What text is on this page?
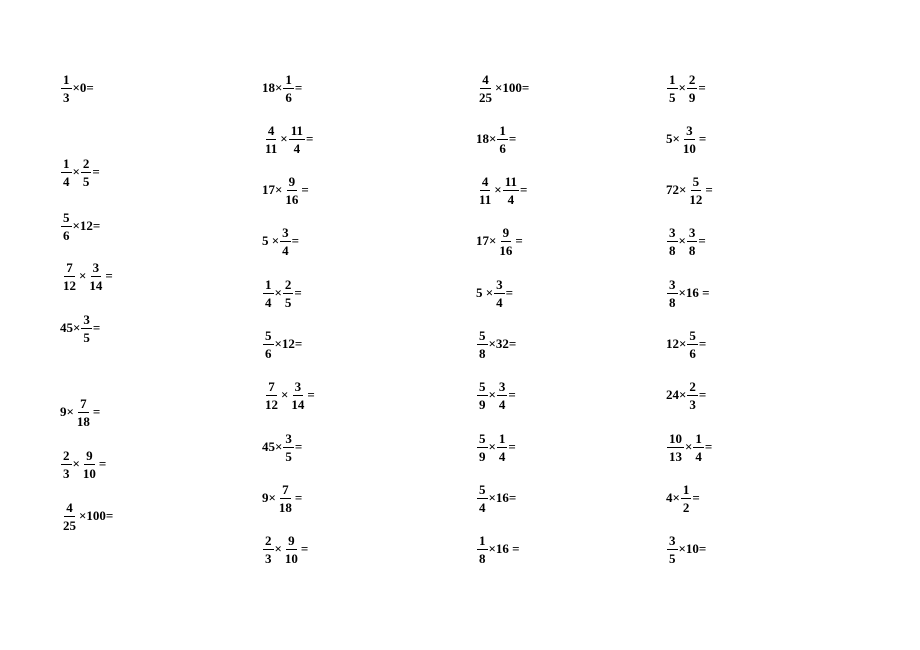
$\frac{1}{3} \times 0=$
$\frac{1}{4} \times \frac{2}{5}$ =
$\frac{5}{6} \times 12=$
$\frac{7}{12} \times \frac{3}{14}$ =
$45\times \frac{3}{5}$ =
$9\times \frac{7}{18}$ =
$\frac{2}{3} \times \frac{9}{10}$ =
$\frac{4}{25} \times 100=$
$18\times \frac{1}{6}$ =
$\frac{4}{11} \times \frac{11}{4}$ =
$17\times \frac{9}{16}$ =
$5 \times \frac{3}{4}$ =
$\frac{1}{4} \times \frac{2}{5}$ =
$\frac{5}{6} \times 12=$
$\frac{7}{12} \times \frac{3}{14}$ =
$45\times \frac{3}{5}$ =
$9\times \frac{7}{18}$ =
$\frac{2}{3} \times \frac{9}{10}$ =
$\frac{4}{25} \times 100=$
$18\times \frac{1}{6}$ =
$\frac{4}{11} \times \frac{11}{4}$ =
$17\times \frac{9}{16}$ =
$5 \times \frac{3}{4}$ =
$\frac{5}{8} \times 32=$
$\frac{5}{9} \times \frac{3}{4}$ =
$\frac{5}{9} \times \frac{1}{4}$ =
$\frac{5}{4} \times 16=$
$\frac{1}{8} \times 16$ =
$\frac{1}{5} \times \frac{2}{9}$ =
$5\times \frac{3}{10}$ =
$72\times \frac{5}{12}$ =
$\frac{3}{8} \times \frac{3}{8}$ =
$\frac{3}{8} \times 16$ =
$12\times \frac{5}{6}$ =
$24\times \frac{2}{3}$ =
$\frac{10}{13} \times \frac{1}{4}$ =
$4\times \frac{1}{2}$ =
$\frac{3}{5} \times 10=$
